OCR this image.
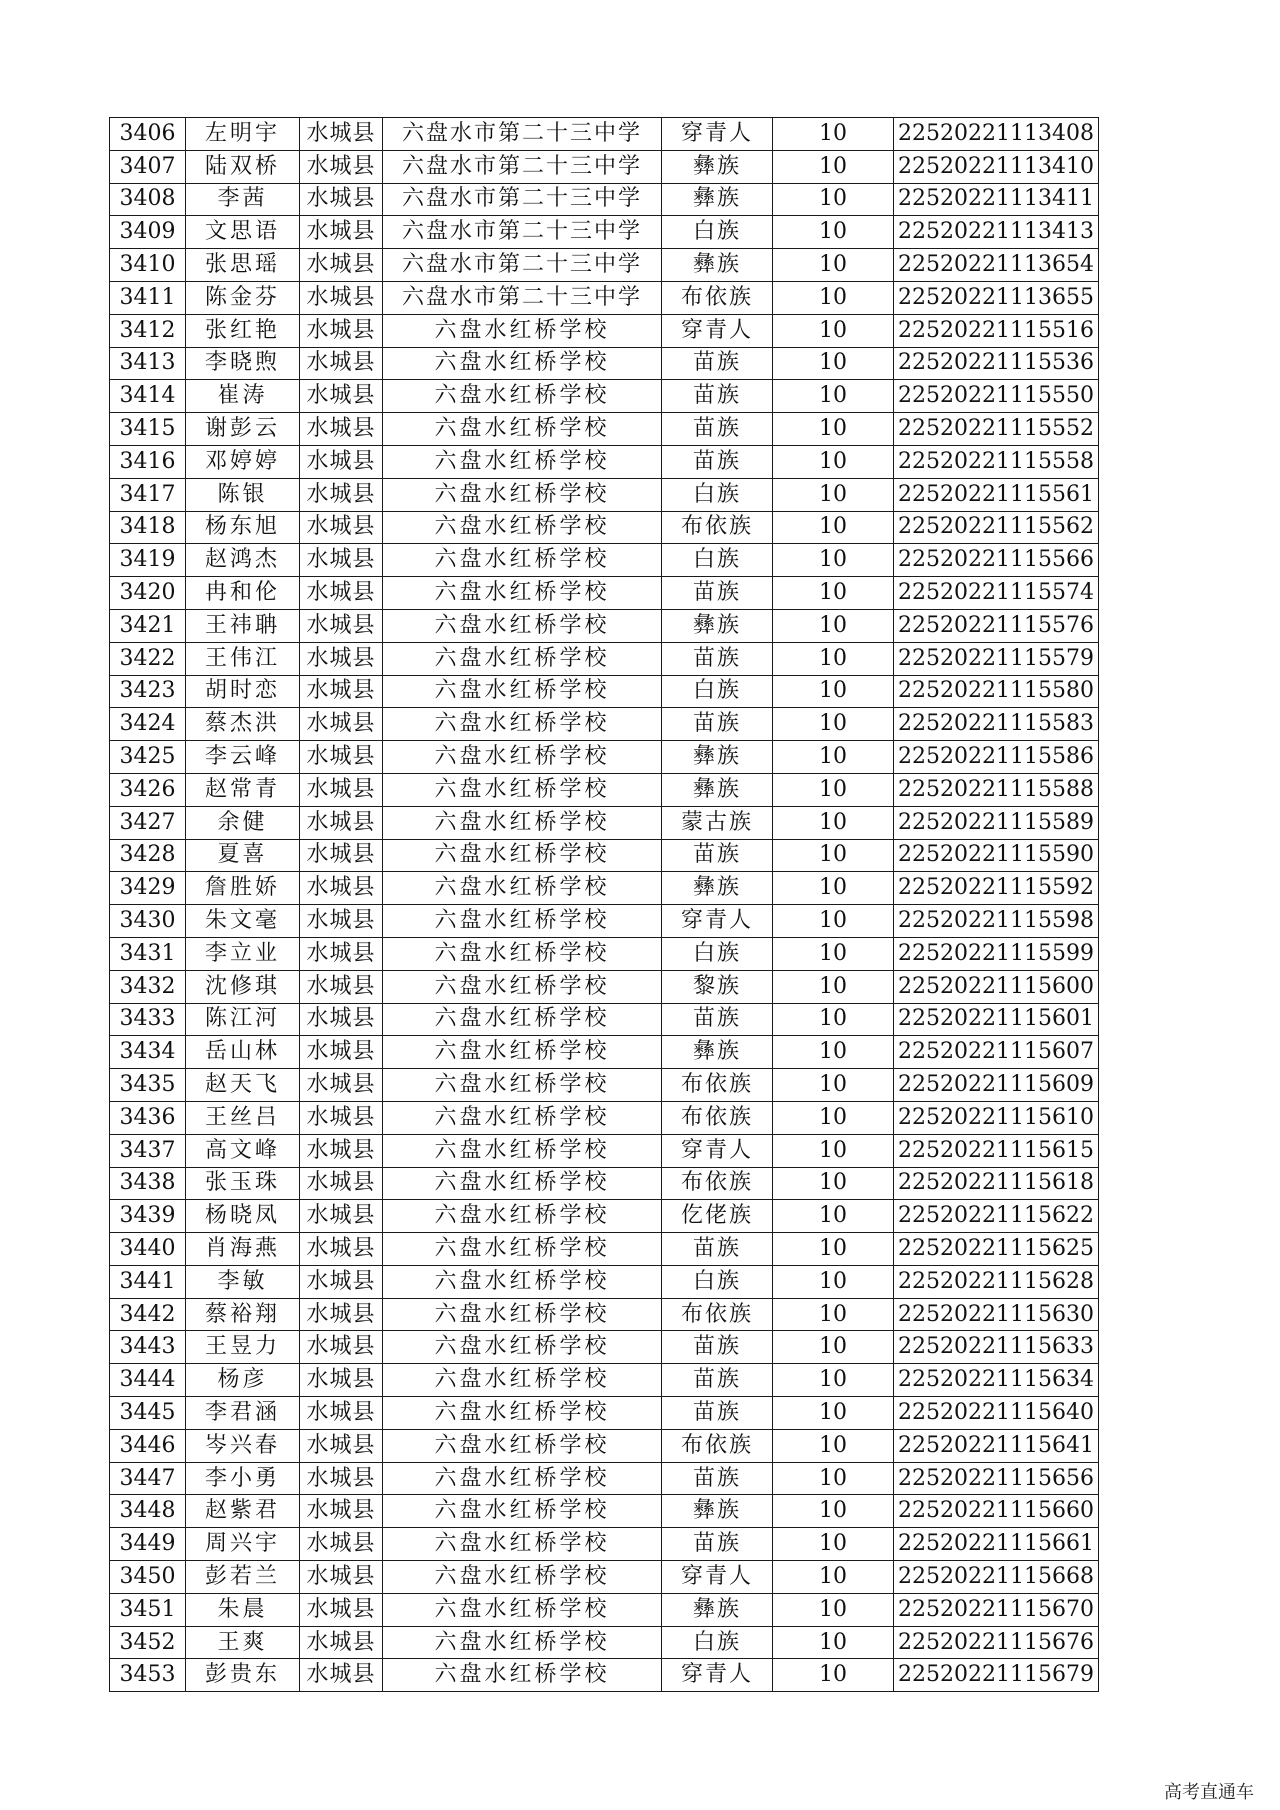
3406	左明宇	水城县	六盘水市第二十三中学	穿青人	10	22520221113408
3407	陆双桥	水城县	六盘水市第二十三中学	彝族	10	22520221113410
3408	李茜	水城县	六盘水市第二十三中学	彝族	10	22520221113411
3409	文思语	水城县	六盘水市第二十三中学	白族	10	22520221113413
3410	张思瑶	水城县	六盘水市第二十三中学	彝族	10	22520221113654
3411	陈金芬	水城县	六盘水市第二十三中学	布依族	10	22520221113655
3412	张红艳	水城县	六盘水红桥学校	穿青人	10	22520221115516
3413	李晓煦	水城县	六盘水红桥学校	苗族	10	22520221115536
3414	崔涛	水城县	六盘水红桥学校	苗族	10	22520221115550
3415	谢彭云	水城县	六盘水红桥学校	苗族	10	22520221115552
3416	邓婷婷	水城县	六盘水红桥学校	苗族	10	22520221115558
3417	陈银	水城县	六盘水红桥学校	白族	10	22520221115561
3418	杨东旭	水城县	六盘水红桥学校	布依族	10	22520221115562
3419	赵鸿杰	水城县	六盘水红桥学校	白族	10	22520221115566
3420	冉和伦	水城县	六盘水红桥学校	苗族	10	22520221115574
3421	王祎聃	水城县	六盘水红桥学校	彝族	10	22520221115576
3422	王伟江	水城县	六盘水红桥学校	苗族	10	22520221115579
3423	胡时恋	水城县	六盘水红桥学校	白族	10	22520221115580
3424	蔡杰洪	水城县	六盘水红桥学校	苗族	10	22520221115583
3425	李云峰	水城县	六盘水红桥学校	彝族	10	22520221115586
3426	赵常青	水城县	六盘水红桥学校	彝族	10	22520221115588
3427	余健	水城县	六盘水红桥学校	蒙古族	10	22520221115589
3428	夏喜	水城县	六盘水红桥学校	苗族	10	22520221115590
3429	詹胜娇	水城县	六盘水红桥学校	彝族	10	22520221115592
3430	朱文毫	水城县	六盘水红桥学校	穿青人	10	22520221115598
3431	李立业	水城县	六盘水红桥学校	白族	10	22520221115599
3432	沈修琪	水城县	六盘水红桥学校	黎族	10	22520221115600
3433	陈江河	水城县	六盘水红桥学校	苗族	10	22520221115601
3434	岳山林	水城县	六盘水红桥学校	彝族	10	22520221115607
3435	赵天飞	水城县	六盘水红桥学校	布依族	10	22520221115609
3436	王丝吕	水城县	六盘水红桥学校	布依族	10	22520221115610
3437	高文峰	水城县	六盘水红桥学校	穿青人	10	22520221115615
3438	张玉珠	水城县	六盘水红桥学校	布依族	10	22520221115618
3439	杨晓凤	水城县	六盘水红桥学校	仡佬族	10	22520221115622
3440	肖海燕	水城县	六盘水红桥学校	苗族	10	22520221115625
3441	李敏	水城县	六盘水红桥学校	白族	10	22520221115628
3442	蔡裕翔	水城县	六盘水红桥学校	布依族	10	22520221115630
3443	王昱力	水城县	六盘水红桥学校	苗族	10	22520221115633
3444	杨彦	水城县	六盘水红桥学校	苗族	10	22520221115634
3445	李君涵	水城县	六盘水红桥学校	苗族	10	22520221115640
3446	岑兴春	水城县	六盘水红桥学校	布依族	10	22520221115641
3447	李小勇	水城县	六盘水红桥学校	苗族	10	22520221115656
3448	赵紫君	水城县	六盘水红桥学校	彝族	10	22520221115660
3449	周兴宇	水城县	六盘水红桥学校	苗族	10	22520221115661
3450	彭若兰	水城县	六盘水红桥学校	穿青人	10	22520221115668
3451	朱晨	水城县	六盘水红桥学校	彝族	10	22520221115670
3452	王爽	水城县	六盘水红桥学校	白族	10	22520221115676
3453	彭贵东	水城县	六盘水红桥学校	穿青人	10	22520221115679
高考直通车
